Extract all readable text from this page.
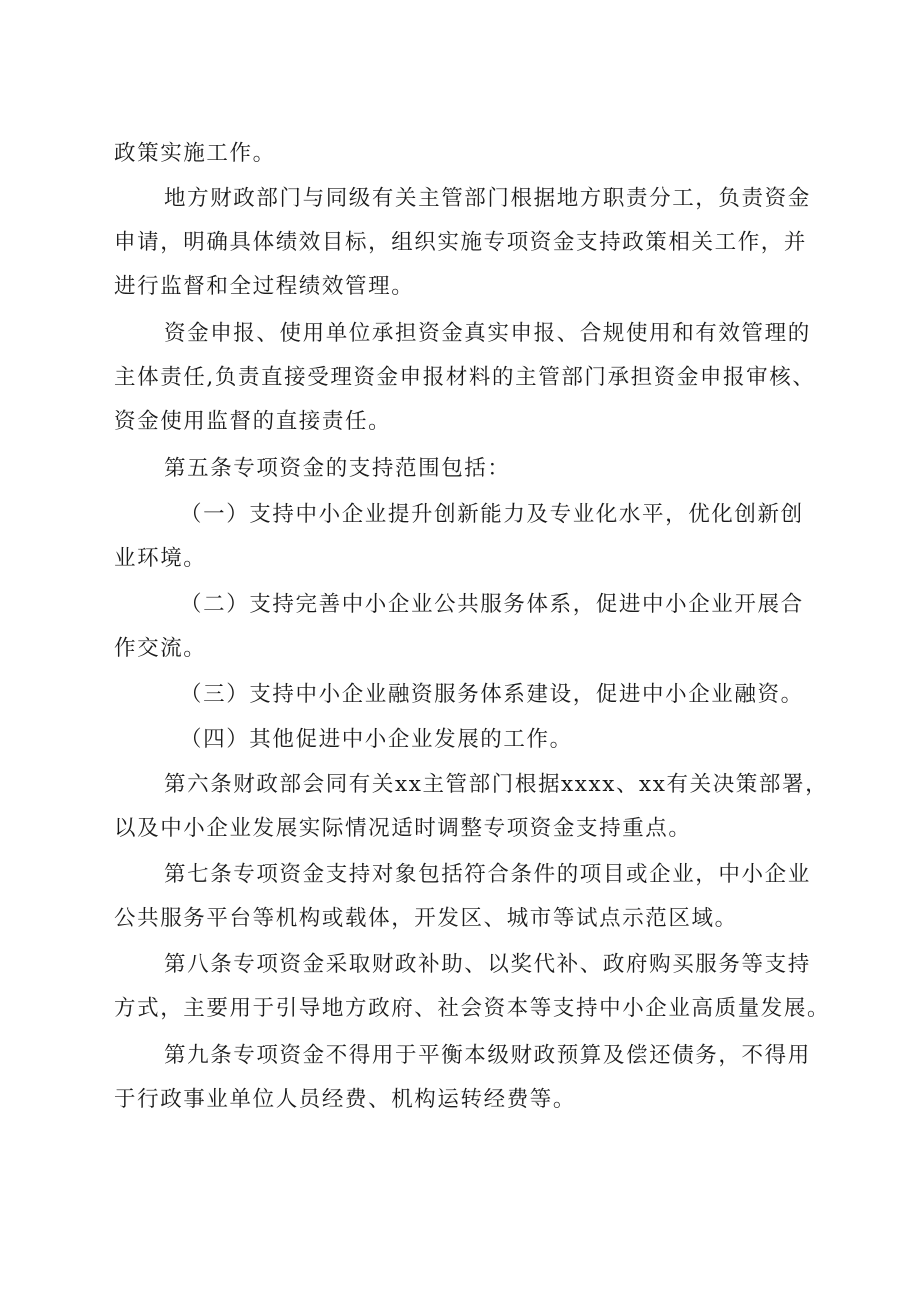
政策实施工作。

地方财政部门与同级有关主管部门根据地方职责分工，负责资金
申请，明确具体绩效目标，组织实施专项资金支持政策相关工作，并
进行监督和全过程绩效管理。

资金申报、使用单位承担资金真实申报、合规使用和有效管理的
主体责任,负责直接受理资金申报材料的主管部门承担资金申报审核、
资金使用监督的直接责任。

第五条专项资金的支持范围包括：

（一）支持中小企业提升创新能力及专业化水平，优化创新创
业环境。

（二）支持完善中小企业公共服务体系，促进中小企业开展合
作交流。

（三）支持中小企业融资服务体系建设，促进中小企业融资。

（四）其他促进中小企业发展的工作。

第六条财政部会同有关xx主管部门根据xxxx、xx有关决策部署，
以及中小企业发展实际情况适时调整专项资金支持重点。

第七条专项资金支持对象包括符合条件的项目或企业，中小企业
公共服务平台等机构或载体，开发区、城市等试点示范区域。

第八条专项资金采取财政补助、以奖代补、政府购买服务等支持
方式，主要用于引导地方政府、社会资本等支持中小企业高质量发展。

第九条专项资金不得用于平衡本级财政预算及偿还债务，不得用
于行政事业单位人员经费、机构运转经费等。
